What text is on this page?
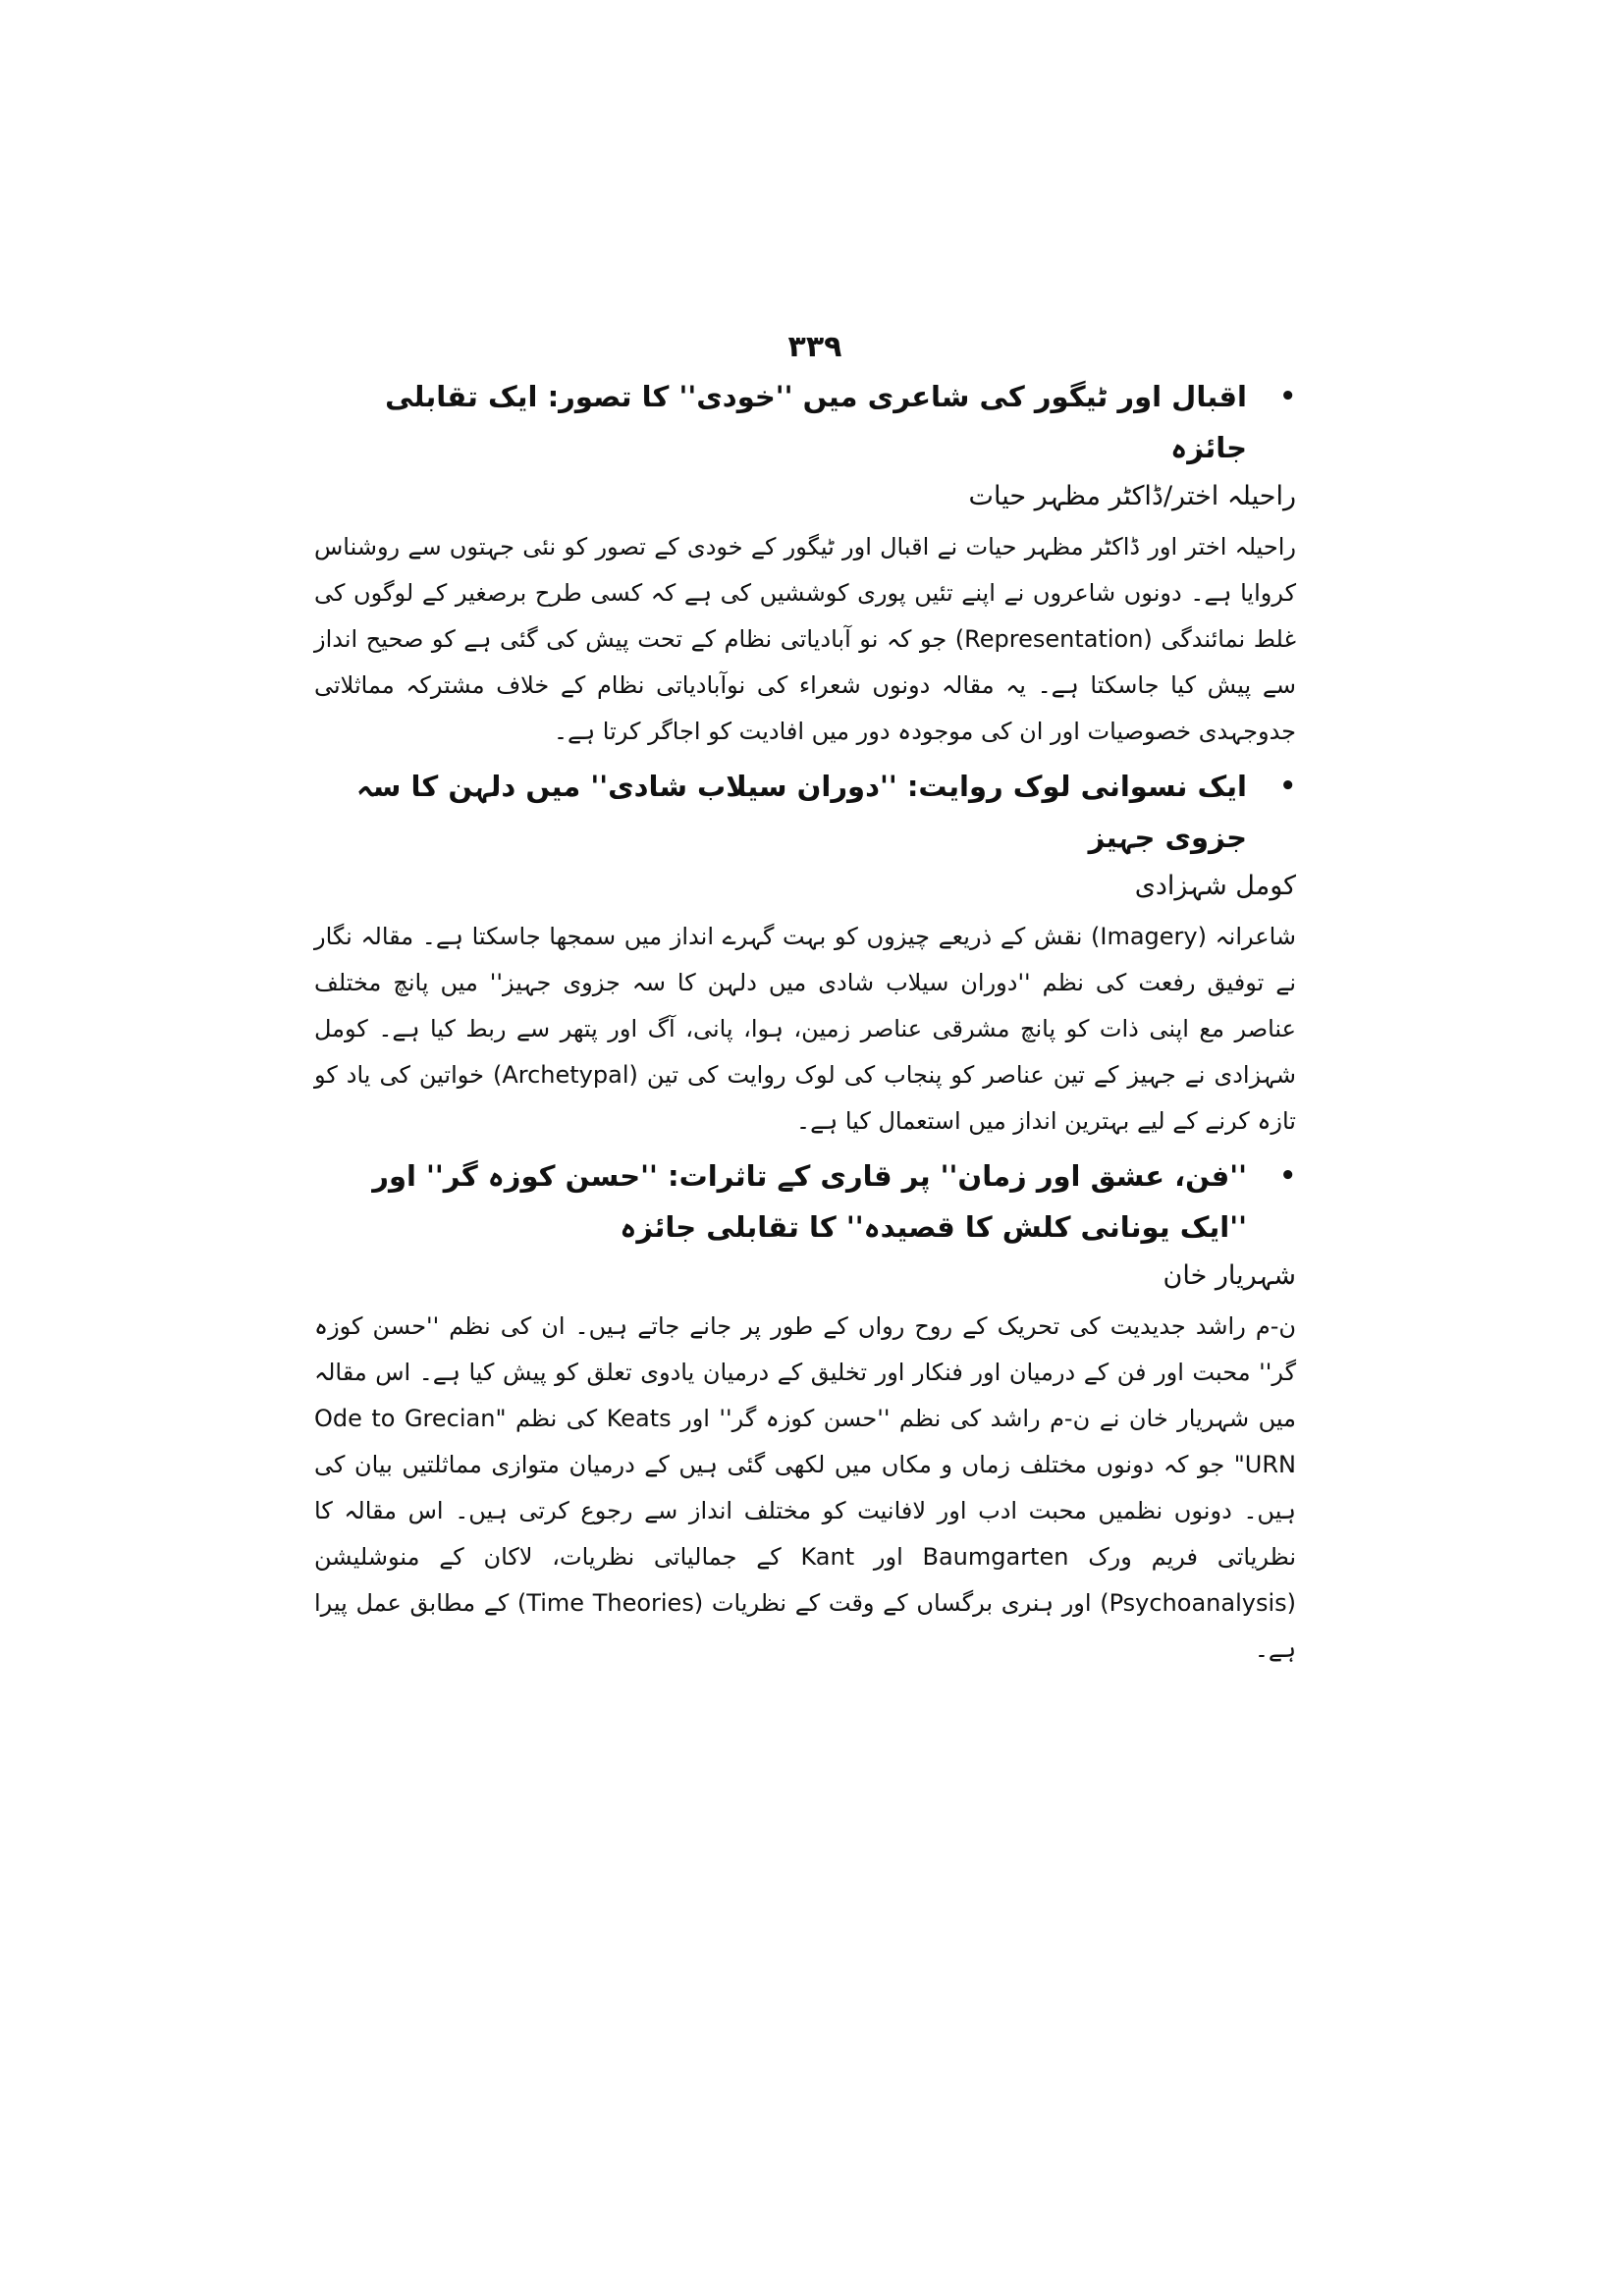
۳۳۹
•
اقبال اور ٹیگور کی شاعری میں ''خودی'' کا تصور: ایک تقابلی جائزہ
راحیلہ اختر/ڈاکٹر مظہر حیات

راحیلہ اختر اور ڈاکٹر مظہر حیات نے اقبال اور ٹیگور کے خودی کے تصور کو نئی جہتوں سے روشناس کروایا ہے۔ دونوں شاعروں نے اپنے تئیں پوری کوششیں کی ہے کہ کسی طرح برصغیر کے لوگوں کی غلط نمائندگی (Representation) جو کہ نو آبادیاتی نظام کے تحت پیش کی گئی ہے کو صحیح انداز سے پیش کیا جاسکتا ہے۔ یہ مقالہ دونوں شعراء کی نوآبادیاتی نظام کے خلاف مشترکہ مماثلاتی جدوجہدی خصوصیات اور ان کی موجودہ دور میں افادیت کو اجاگر کرتا ہے۔

•
ایک نسوانی لوک روایت: ''دوران سیلاب شادی'' میں دلہن کا سہ جزوی جہیز
کومل شہزادی

شاعرانہ (Imagery) نقش کے ذریعے چیزوں کو بہت گہرے انداز میں سمجھا جاسکتا ہے۔ مقالہ نگار نے توفیق رفعت کی نظم ''دوران سیلاب شادی میں دلہن کا سہ جزوی جہیز'' میں پانچ مختلف عناصر مع اپنی ذات کو پانچ مشرقی عناصر زمین، ہوا، پانی، آگ اور پتھر سے ربط کیا ہے۔ کومل شہزادی نے جہیز کے تین عناصر کو پنجاب کی لوک روایت کی تین (Archetypal) خواتین کی یاد کو تازہ کرنے کے لیے بہترین انداز میں استعمال کیا ہے۔

•
''فن، عشق اور زمان'' پر قاری کے تاثرات: ''حسن کوزہ گر'' اور ''ایک یونانی کلش کا قصیدہ'' کا تقابلی جائزہ
شہریار خان

ن-م راشد جدیدیت کی تحریک کے روح رواں کے طور پر جانے جاتے ہیں۔ ان کی نظم ''حسن کوزہ گر'' محبت اور فن کے درمیان اور فنکار اور تخلیق کے درمیان یادوی تعلق کو پیش کیا ہے۔ اس مقالہ میں شہریار خان نے ن-م راشد کی نظم ''حسن کوزہ گر'' اور Keats کی نظم "Ode to Grecian URN" جو کہ دونوں مختلف زماں و مکاں میں لکھی گئی ہیں کے درمیان متوازی مماثلتیں بیان کی ہیں۔ دونوں نظمیں محبت ادب اور لافانیت کو مختلف انداز سے رجوع کرتی ہیں۔ اس مقالہ کا نظریاتی فریم ورک Baumgarten اور Kant کے جمالیاتی نظریات، لاکان کے منوشلیشن (Psychoanalysis) اور ہنری برگساں کے وقت کے نظریات (Time Theories) کے مطابق عمل پیرا ہے۔
